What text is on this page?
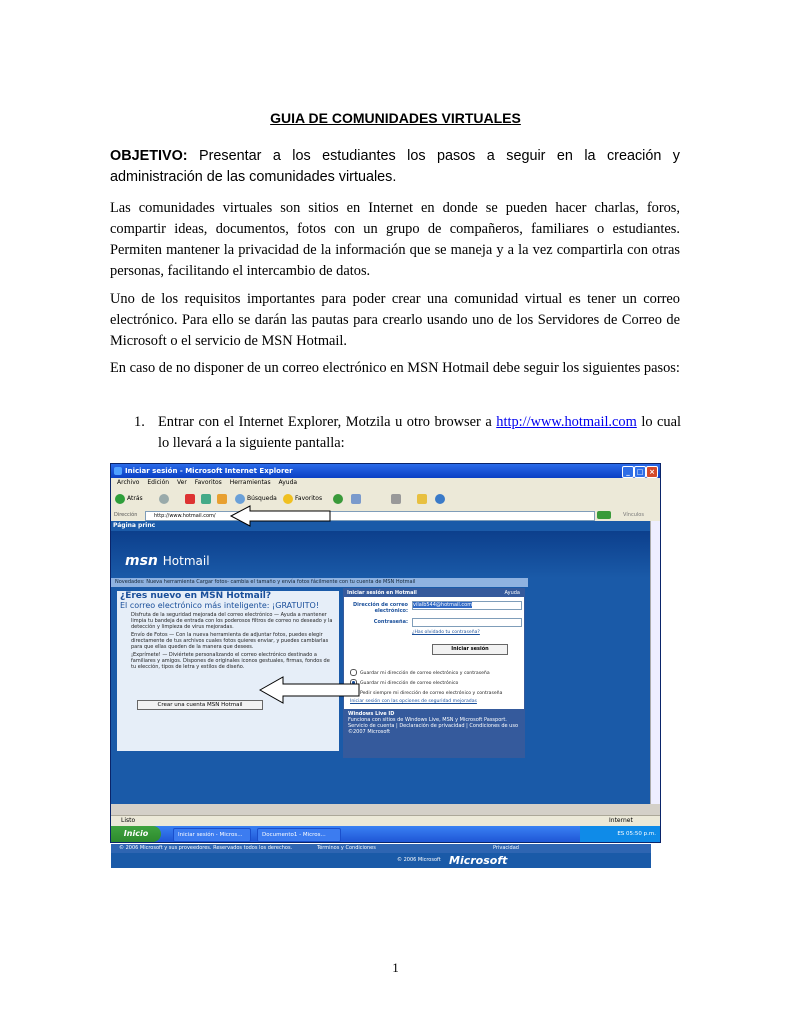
GUIA DE COMUNIDADES VIRTUALES
OBJETIVO: Presentar a los estudiantes los pasos a seguir en la creación y administración de las comunidades virtuales.
Las comunidades virtuales son sitios en Internet en donde se pueden hacer charlas, foros, compartir ideas, documentos, fotos con un grupo de compañeros, familiares o estudiantes. Permiten mantener la privacidad de la información que se maneja y a la vez compartirla con otras personas, facilitando el intercambio de datos.
Uno de los requisitos importantes para poder crear una comunidad virtual es tener un correo electrónico. Para ello se darán las pautas para crearlo usando uno de los Servidores de Correo de Microsoft o el servicio de MSN Hotmail.
En caso de no disponer de un correo electrónico en MSN Hotmail debe seguir los siguientes pasos:
1. Entrar con el Internet Explorer, Motzila u otro browser a http://www.hotmail.com lo cual lo llevará a la siguiente pantalla:
Iniciar sesión - Microsoft Internet Explorer	_ □ ×
Archivo Edición Ver Favoritos Herramientas Ayuda
Atrás	Búsqueda	Favoritos
Dirección	http://www.hotmail.com/	Vínculos
Página princ
msn Hotmail
Novedades: Nueva herramienta Cargar fotos- cambia el tamaño y envía fotos fácilmente con tu cuenta de MSN Hotmail
¿Eres nuevo en MSN Hotmail?
El correo electrónico más inteligente: ¡GRATUITO!
Disfruta de la seguridad mejorada del correo electrónico — Ayuda a mantener limpia tu bandeja de entrada con los poderosos filtros de correo no deseado y la detección y limpieza de virus mejoradas.
Envío de Fotos — Con la nueva herramienta de adjuntar fotos, puedes elegir directamente de tus archivos cuales fotos quieres enviar, y puedes cambiarlas para que ellas queden de la manera que desees.
¡Exprímete! — Diviértete personalizando el correo electrónico destinado a familiares y amigos. Dispones de originales iconos gestuales, firmas, fondos de tu elección, tipos de letra y estilos de diseño.
Crear una cuenta MSN Hotmail
Iniciar sesión en Hotmail	Ayuda
Dirección de correo electrónico:
vilalb544@hotmail.com
Contraseña:
¿Has olvidado tu contraseña?
Iniciar sesión
Guardar mi dirección de correo electrónico y contraseña
Guardar mi dirección de correo electrónico
Pedir siempre mi dirección de correo electrónico y contraseña
Iniciar sesión con las opciones de seguridad mejoradas
Windows Live ID
Funciona con sitios de Windows Live, MSN y Microsoft Passport.
Servicio de cuenta | Declaración de privacidad | Condiciones de uso
©2007 Microsoft
© 2006 Microsoft y sus proveedores. Reservados todos los derechos.	Términos y Condiciones	Privacidad
© 2006 Microsoft Microsoft
Listo	Internet
Inicio	Iniciar sesión - Micros...	Documento1 - Micros...	ES 05:50 p.m.
1
